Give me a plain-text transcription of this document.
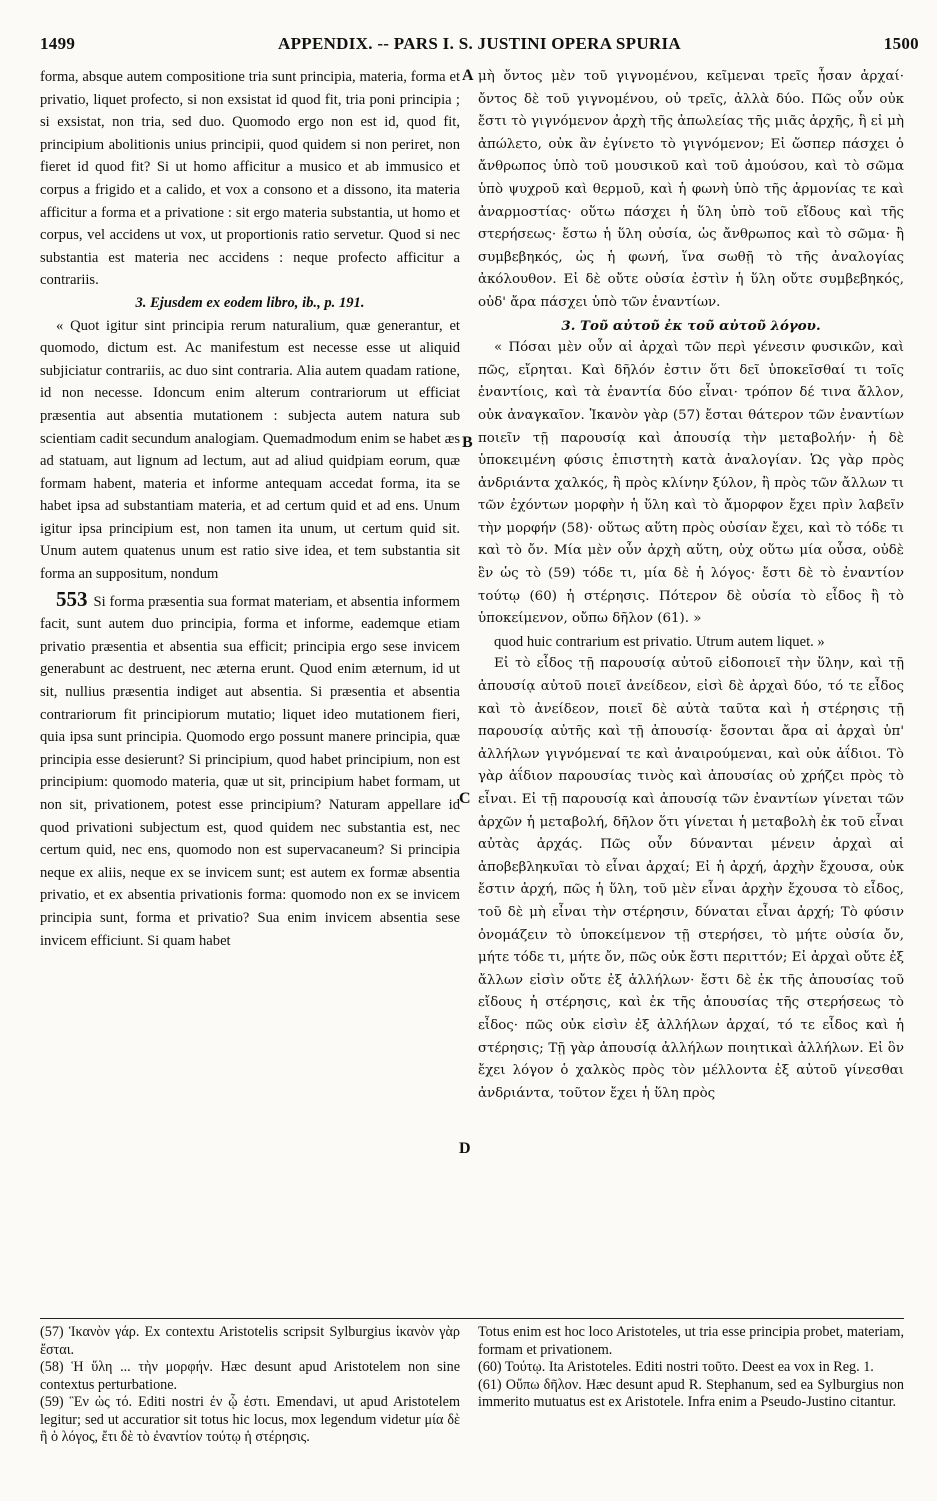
1499	APPENDIX. -- PARS I. S. JUSTINI OPERA SPURIA	1500
A
B
C
D

forma, absque autem compositione tria sunt principia, materia, forma et privatio, liquet profecto, si non exsistat id quod fit, tria poni principia ; si exsistat, non tria, sed duo. Quomodo ergo non est id, quod fit, principium abolitionis unius principii, quod quidem si non periret, non fieret id quod fit? Si ut homo afficitur a musico et ab immusico et corpus a frigido et a calido, et vox a consono et a dissono, ita materia afficitur a forma et a privatione : sit ergo materia substantia, ut homo et corpus, vel accidens ut vox, ut proportionis ratio servetur. Quod si nec substantia est materia nec accidens : neque profecto afficitur a contrariis.

3. Ejusdem ex eodem libro, ib., p. 191.

« Quot igitur sint principia rerum naturalium, quæ generantur, et quomodo, dictum est. Ac manifestum est necesse esse ut aliquid subjiciatur contrariis, ac duo sint contraria. Alia autem quadam ratione, id non necesse. Idoncum enim alterum contrariorum ut efficiat præsentia aut absentia mutationem : subjecta autem natura sub scientiam cadit secundum analogiam. Quemadmodum enim se habet æs ad statuam, aut lignum ad lectum, aut ad aliud quidpiam eorum, quæ formam habent, materia et informe antequam accedat forma, ita se habet ipsa ad substantiam materia, et ad certum quid et ad ens. Unum igitur ipsa principium est, non tamen ita unum, ut certum quid sit. Unum autem quatenus unum est ratio sive idea, et tem substantia sit forma an suppositum, nondum

553 Si forma præsentia sua format materiam, et absentia informem facit, sunt autem duo principia, forma et informe, eademque etiam privatio præsentia et absentia sua efficit; principia ergo sese invicem generabunt ac destruent, nec æterna erunt. Quod enim æternum, id ut sit, nullius præsentia indiget aut absentia. Si præsentia et absentia contrariorum fit principiorum mutatio; liquet ideo mutationem fieri, quia ipsa sunt principia. Quomodo ergo possunt manere principia, quæ principia esse desierunt? Si principium, quod habet principium, non est principium: quomodo materia, quæ ut sit, principium habet formam, ut non sit, privationem, potest esse principium? Naturam appellare id quod privationi subjectum est, quod quidem nec substantia est, nec certum quid, nec ens, quomodo non est supervacaneum? Si principia neque ex aliis, neque ex se invicem sunt; est autem ex formæ absentia privatio, et ex absentia privationis forma: quomodo non ex se invicem principia sunt, forma et privatio? Sua enim invicem absentia sese invicem efficiunt. Si quam habet

μὴ ὄντος μὲν τοῦ γιγνομένου, κεῖμεναι τρεῖς ἦσαν ἀρχαί· ὄντος δὲ τοῦ γιγνομένου, οὐ τρεῖς, ἀλλὰ δύο. Πῶς οὖν οὐκ ἔστι τὸ γιγνόμενον ἀρχὴ τῆς ἀπωλείας τῆς μιᾶς ἀρχῆς, ἣ εἰ μὴ ἀπώλετο, οὐκ ἂν ἐγίνετο τὸ γιγνόμενον; Εἰ ὥσπερ πάσχει ὁ ἄνθρωπος ὑπὸ τοῦ μουσικοῦ καὶ τοῦ ἀμούσου, καὶ τὸ σῶμα ὑπὸ ψυχροῦ καὶ θερμοῦ, καὶ ἡ φωνὴ ὑπὸ τῆς ἁρμονίας τε καὶ ἀναρμοστίας· οὕτω πάσχει ἡ ὕλη ὑπὸ τοῦ εἴδους καὶ τῆς στερήσεως· ἔστω ἡ ὕλη οὐσία, ὡς ἄνθρωπος καὶ τὸ σῶμα· ἢ συμβεβηκός, ὡς ἡ φωνή, ἵνα σωθῇ τὸ τῆς ἀναλογίας ἀκόλουθον. Εἰ δὲ οὔτε οὐσία ἐστὶν ἡ ὕλη οὔτε συμβεβηκός, οὐδ' ἄρα πάσχει ὑπὸ τῶν ἐναντίων.

3. Τοῦ αὐτοῦ ἐκ τοῦ αὐτοῦ λόγου.

« Πόσαι μὲν οὖν αἱ ἀρχαὶ τῶν περὶ γένεσιν φυσικῶν, καὶ πῶς, εἴρηται. Καὶ δῆλόν ἐστιν ὅτι δεῖ ὑποκεῖσθαί τι τοῖς ἐναντίοις, καὶ τὰ ἐναντία δύο εἶναι· τρόπον δέ τινα ἄλλον, οὐκ ἀναγκαῖον. Ἱκανὸν γὰρ (57) ἔσται θάτερον τῶν ἐναντίων ποιεῖν τῇ παρουσίᾳ καὶ ἀπουσίᾳ τὴν μεταβολήν· ἡ δὲ ὑποκειμένη φύσις ἐπιστητὴ κατὰ ἀναλογίαν. Ὡς γὰρ πρὸς ἀνδριάντα χαλκός, ἢ πρὸς κλίνην ξύλον, ἢ πρὸς τῶν ἄλλων τι τῶν ἐχόντων μορφὴν ἡ ὕλη καὶ τὸ ἄμορφον ἔχει πρὶν λαβεῖν τὴν μορφήν (58)· οὕτως αὕτη πρὸς οὐσίαν ἔχει, καὶ τὸ τόδε τι καὶ τὸ ὄν. Μία μὲν οὖν ἀρχὴ αὕτη, οὐχ οὕτω μία οὖσα, οὐδὲ ἓν ὡς τὸ (59) τόδε τι, μία δὲ ἡ λόγος· ἔστι δὲ τὸ ἐναντίον τούτῳ (60) ἡ στέρησις. Πότερον δὲ οὐσία τὸ εἶδος ἢ τὸ ὑποκείμενον, οὔπω δῆλον (61). »

quod huic contrarium est privatio. Utrum autem liquet. »

Εἰ τὸ εἶδος τῇ παρουσίᾳ αὐτοῦ εἰδοποιεῖ τὴν ὕλην, καὶ τῇ ἀπουσίᾳ αὐτοῦ ποιεῖ ἀνείδεον, εἰσὶ δὲ ἀρχαὶ δύο, τό τε εἶδος καὶ τὸ ἀνείδεον, ποιεῖ δὲ αὐτὰ ταῦτα καὶ ἡ στέρησις τῇ παρουσίᾳ αὐτῆς καὶ τῇ ἀπουσίᾳ· ἔσονται ἄρα αἱ ἀρχαὶ ὑπ' ἀλλήλων γιγνόμεναί τε καὶ ἀναιρούμεναι, καὶ οὐκ ἀΐδιοι. Τὸ γὰρ ἀΐδιον παρουσίας τινὸς καὶ ἀπουσίας οὐ χρήζει πρὸς τὸ εἶναι. Εἰ τῇ παρουσίᾳ καὶ ἀπουσίᾳ τῶν ἐναντίων γίνεται τῶν ἀρχῶν ἡ μεταβολή, δῆλον ὅτι γίνεται ἡ μεταβολὴ ἐκ τοῦ εἶναι αὐτὰς ἀρχάς. Πῶς οὖν δύνανται μένειν ἀρχαὶ αἱ ἀποβεβληκυῖαι τὸ εἶναι ἀρχαί; Εἰ ἡ ἀρχή, ἀρχὴν ἔχουσα, οὐκ ἔστιν ἀρχή, πῶς ἡ ὕλη, τοῦ μὲν εἶναι ἀρχὴν ἔχουσα τὸ εἶδος, τοῦ δὲ μὴ εἶναι τὴν στέρησιν, δύναται εἶναι ἀρχή; Τὸ φύσιν ὀνομάζειν τὸ ὑποκείμενον τῇ στερήσει, τὸ μήτε οὐσία ὄν, μήτε τόδε τι, μήτε ὄν, πῶς οὐκ ἔστι περιττόν; Εἰ ἀρχαὶ οὔτε ἐξ ἄλλων εἰσὶν οὔτε ἐξ ἀλλήλων· ἔστι δὲ ἐκ τῆς ἀπουσίας τοῦ εἴδους ἡ στέρησις, καὶ ἐκ τῆς ἀπουσίας τῆς στερήσεως τὸ εἶδος· πῶς οὐκ εἰσὶν ἐξ ἀλλήλων ἀρχαί, τό τε εἶδος καὶ ἡ στέρησις; Τῇ γὰρ ἀπουσίᾳ ἀλλήλων ποιητικαὶ ἀλλήλων. Εἰ ὃν ἔχει λόγον ὁ χαλκὸς πρὸς τὸν μέλλοντα ἐξ αὐτοῦ γίνεσθαι ἀνδριάντα, τοῦτον ἔχει ἡ ὕλη πρὸς

(57) Ἱκανὸν γάρ. Ex contextu Aristotelis scripsit Sylburgius ἱκανὸν γὰρ ἔσται.

(58) Ἡ ὕλη ... τὴν μορφήν. Hæc desunt apud Aristotelem non sine contextus perturbatione.

(59) Ἓν ὡς τό. Editi nostri ἐν ᾧ ἐστι. Emendavi, ut apud Aristotelem legitur; sed ut accuratior sit totus hic locus, mox legendum videtur μία δὲ ἢ ὁ λόγος, ἔτι δὲ τὸ ἐναντίον τούτῳ ἡ στέρησις.

Totus enim est hoc loco Aristoteles, ut tria esse principia probet, materiam, formam et privationem.

(60) Τούτῳ. Ita Aristoteles. Editi nostri τοῦτο. Deest ea vox in Reg. 1.

(61) Οὔπω δῆλον. Hæc desunt apud R. Stephanum, sed ea Sylburgius non immerito mutuatus est ex Aristotele. Infra enim a Pseudo-Justino citantur.
